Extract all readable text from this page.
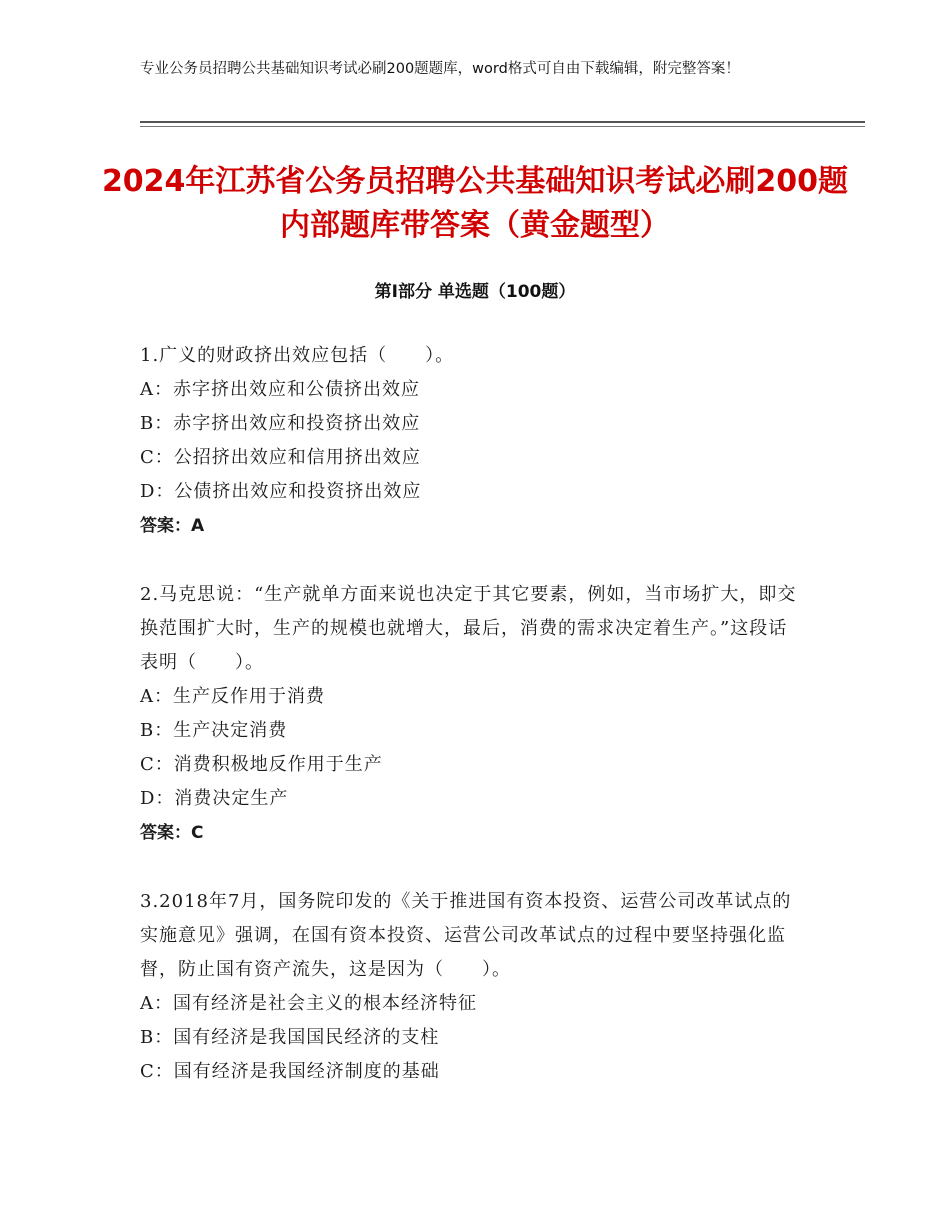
专业公务员招聘公共基础知识考试必刷200题题库，word格式可自由下载编辑，附完整答案！
2024年江苏省公务员招聘公共基础知识考试必刷200题内部题库带答案（黄金题型）
第Ⅰ部分 单选题（100题）
1.广义的财政挤出效应包括（　　）。
A：赤字挤出效应和公债挤出效应
B：赤字挤出效应和投资挤出效应
C：公招挤出效应和信用挤出效应
D：公债挤出效应和投资挤出效应
答案：A
2.马克思说：“生产就单方面来说也决定于其它要素，例如，当市场扩大，即交换范围扩大时，生产的规模也就增大，最后，消费的需求决定着生产。”这段话表明（　　）。
A：生产反作用于消费
B：生产决定消费
C：消费积极地反作用于生产
D：消费决定生产
答案：C
3.2018年7月，国务院印发的《关于推进国有资本投资、运营公司改革试点的实施意见》强调，在国有资本投资、运营公司改革试点的过程中要坚持强化监督，防止国有资产流失，这是因为（　　）。
A：国有经济是社会主义的根本经济特征
B：国有经济是我国国民经济的支柱
C：国有经济是我国经济制度的基础
